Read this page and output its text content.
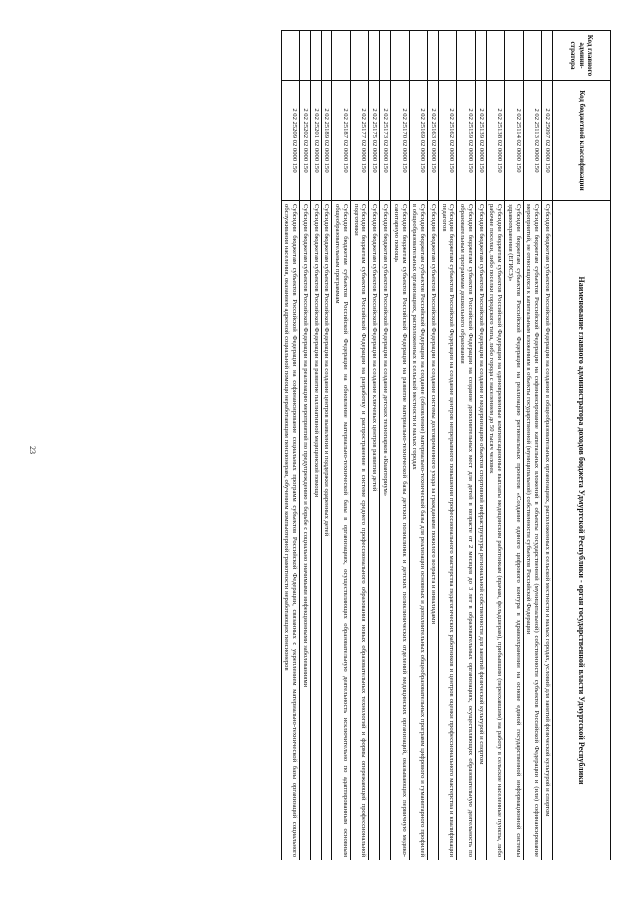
23
Код главного админи-стратора	Код бюджетной классификации	Наименование главного администратора доходов бюджета Удмуртской Республики - орган государственной власти Удмуртской Республики
	2 02 25097 02 0000 150	Субсидии бюджетам субъектов Российской Федерации на создание в общеобразовательных организациях, расположенных в сельской местности и малых городах, условий для занятий физической культурой и спортом
	2 02 25113 02 0000 150	Субсидии бюджетам субъектов Российской Федерации на софинансирование капитальных вложений в объекты государственной (муниципальной) собственности субъектов Российской Федерации и (или) софинансирование мероприятий, не относящихся к капитальным вложениям в объекты государственной (муниципальной) собственности субъектов Российской Федерации
	2 02 25114 02 0000 150	Субсидии бюджетам субъектов Российской Федерации на реализацию региональных проектов «Создание единого цифрового контура в здравоохранении на основе единой государственной информационной системы здравоохранения (ЕГИСЗ)»
	2 02 25138 02 0000 150	Субсидии бюджетам субъектов Российской Федерации на единовременные компенсационные выплаты медицинским работникам (врачам, фельдшерам), прибывшим (переехавшим) на работу в сельские населенные пункты, либо рабочие поселки, либо поселки городского типа, либо города с населением до 50 тысяч человек
	2 02 25139 02 0000 150	Субсидии бюджетам субъектов Российской Федерации на создание и модернизацию объектов спортивной инфраструктуры региональной собственности для занятий физической культурой и спортом
	2 02 25159 02 0000 150	Субсидии бюджетам субъектов Российской Федерации на создание дополнительных мест для детей в возрасте от 2 месяцев до 3 лет в образовательных организациях, осуществляющих образовательную деятельность по образовательным программам дошкольного образования
	2 02 25162 02 0000 150	Субсидии бюджетам субъектов Российской Федерации на создание центров непрерывного повышения профессионального мастерства педагогических работников и центров оценки профессионального мастерства и квалификации педагогов
	2 02 25163 02 0000 150	Субсидии бюджетам субъектов Российской Федерации на создание системы долговременного ухода за гражданами пожилого возраста и инвалидами
	2 02 25169 02 0000 150	Субсидии бюджетам субъектов Российской Федерации на создание (обновление) материально-технической базы для реализации основных и дополнительных общеобразовательных программ цифрового и гуманитарного профилей в общеобразовательных организациях, расположенных в сельской местности и малых городах
	2 02 25170 02 0000 150	Субсидии бюджетам субъектов Российской Федерации на развитие материально-технической базы детских поликлиник и детских поликлинических отделений медицинских организаций, оказывающих первичную медико-санитарную помощь
	2 02 25173 02 0000 150	Субсидии бюджетам субъектов Российской Федерации на создание детских технопарков «Кванториум»
	2 02 25175 02 0000 150	Субсидии бюджетам субъектов Российской Федерации на создание ключевых центров развития детей
	2 02 25177 02 0000 150	Субсидии бюджетам субъектов Российской Федерации на разработку и распространение в системе среднего профессионального образования новых образовательных технологий и формы опережающей профессиональной подготовки
	2 02 25187 02 0000 150	Субсидии бюджетам субъектов Российской Федерации на обновление материально-технической базы в организациях, осуществляющих образовательную деятельность исключительно по адаптированным основным общеобразовательным программам
	2 02 25189 02 0000 150	Субсидии бюджетам субъектов Российской Федерации на создание центров выявления и поддержки одаренных детей
	2 02 25201 02 0000 150	Субсидии бюджетам субъектов Российской Федерации на развитие паллиативной медицинской помощи
	2 02 25202 02 0000 150	Субсидии бюджетам субъектов Российской Федерации на реализацию мероприятий по предупреждению и борьбе с социально значимыми инфекционными заболеваниями
	2 02 25209 02 0000 150	Субсидии бюджетам субъектов Российской Федерации на софинансирование социальных программ субъектов Российской Федерации, связанных с укреплением материально-технической базы организаций социального обслуживания населения, оказанием адресной социальной помощи неработающим пенсионерам, обучением компьютерной грамотности неработающих пенсионеров
